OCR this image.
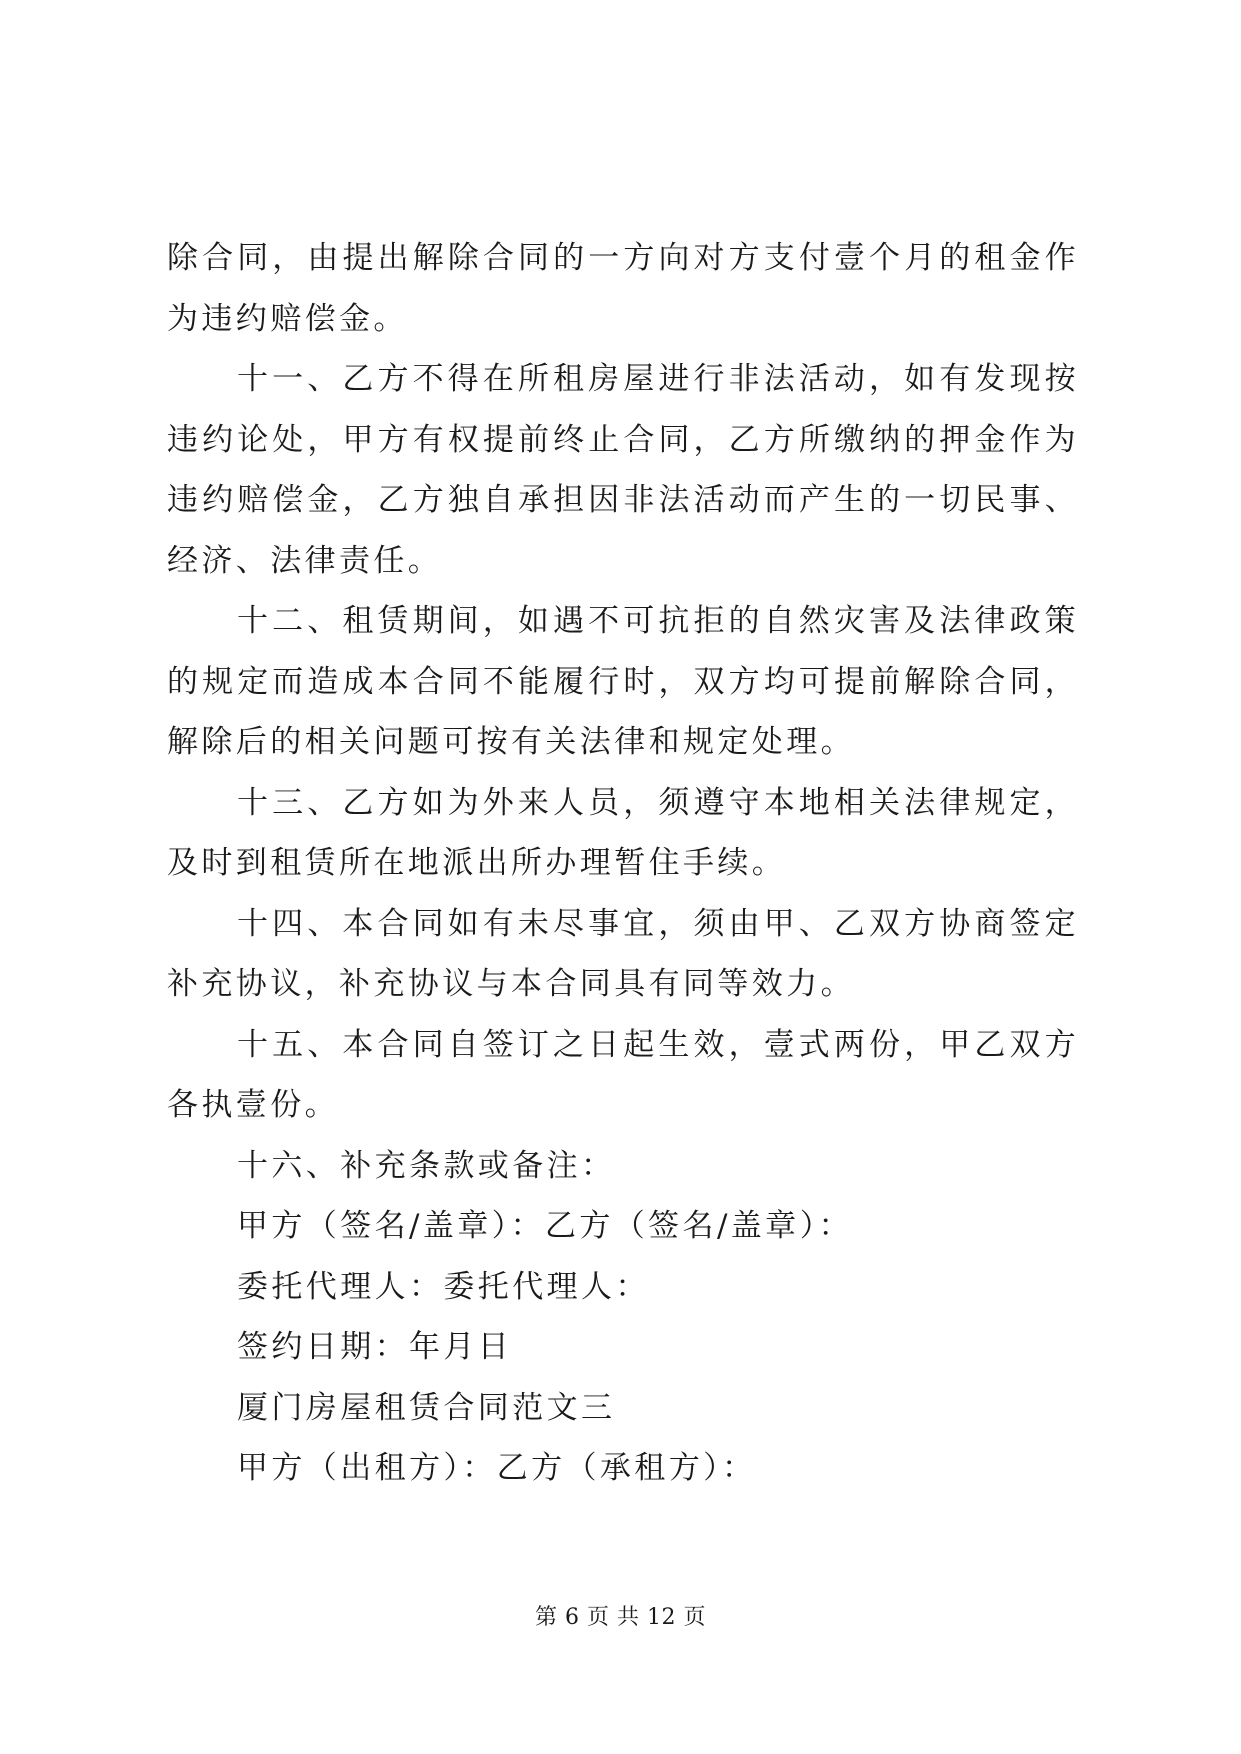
除合同，由提出解除合同的一方向对方支付壹个月的租金作为违约赔偿金。

十一、乙方不得在所租房屋进行非法活动，如有发现按违约论处，甲方有权提前终止合同，乙方所缴纳的押金作为违约赔偿金，乙方独自承担因非法活动而产生的一切民事、经济、法律责任。

十二、租赁期间，如遇不可抗拒的自然灾害及法律政策的规定而造成本合同不能履行时，双方均可提前解除合同，解除后的相关问题可按有关法律和规定处理。

十三、乙方如为外来人员，须遵守本地相关法律规定，及时到租赁所在地派出所办理暂住手续。

十四、本合同如有未尽事宜，须由甲、乙双方协商签定补充协议，补充协议与本合同具有同等效力。

十五、本合同自签订之日起生效，壹式两份，甲乙双方各执壹份。

十六、补充条款或备注：

甲方（签名/盖章）：乙方（签名/盖章）：

委托代理人：委托代理人：

签约日期：年月日

厦门房屋租赁合同范文三

甲方（出租方）：乙方（承租方）：

第 6 页 共 12 页
